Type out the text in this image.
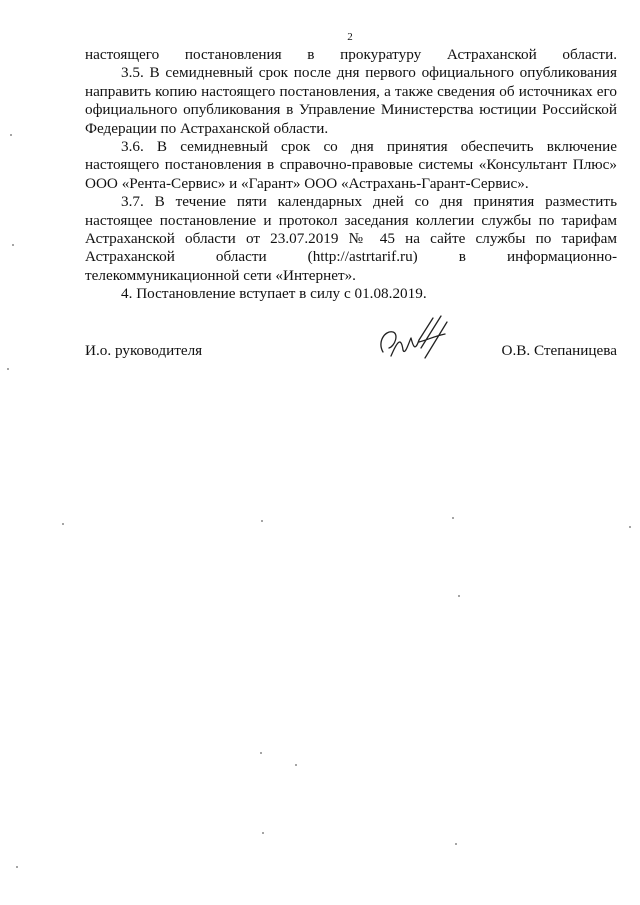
2

настоящего постановления в прокуратуру Астраханской области.

3.5. В семидневный срок после дня первого официального опубликования направить копию настоящего постановления, а также сведения об источниках его официального опубликования в Управление Министерства юстиции Российской Федерации по Астраханской области.

3.6. В семидневный срок со дня принятия обеспечить включение настоящего постановления в справочно-правовые системы «Консультант Плюс» ООО «Рента-Сервис» и «Гарант» ООО «Астрахань-Гарант-Сервис».

3.7. В течение пяти календарных дней со дня принятия разместить настоящее постановление и протокол заседания коллегии службы по тарифам Астраханской области от 23.07.2019 № 45 на сайте службы по тарифам Астраханской области (http://astrtarif.ru) в информационно-телекоммуникационной сети «Интернет».

4. Постановление вступает в силу с 01.08.2019.

И.о. руководителя	О.В. Степаницева
